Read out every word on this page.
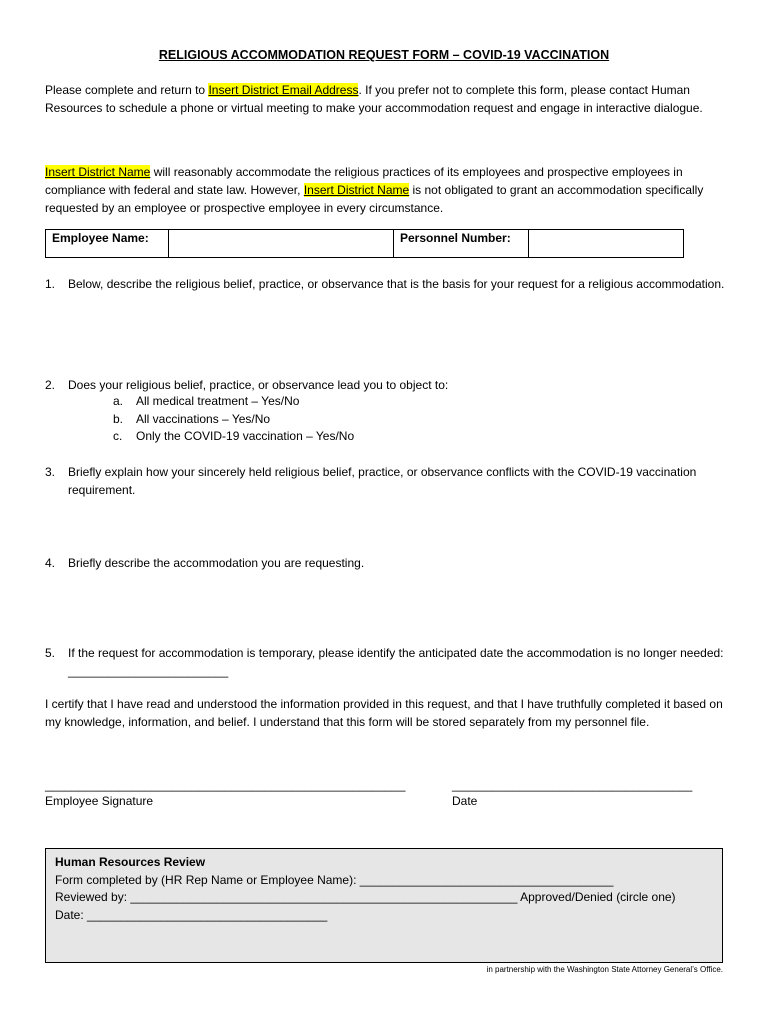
RELIGIOUS ACCOMMODATION REQUEST FORM – COVID-19 VACCINATION
Please complete and return to Insert District Email Address. If you prefer not to complete this form, please contact Human Resources to schedule a phone or virtual meeting to make your accommodation request and engage in interactive dialogue.
Insert District Name will reasonably accommodate the religious practices of its employees and prospective employees in compliance with federal and state law. However, Insert District Name is not obligated to grant an accommodation specifically requested by an employee or prospective employee in every circumstance.
Employee Name:		Personnel Number:	
1. Below, describe the religious belief, practice, or observance that is the basis for your request for a religious accommodation.
2. Does your religious belief, practice, or observance lead you to object to:
a. All medical treatment – Yes/No
b. All vaccinations – Yes/No
c. Only the COVID-19 vaccination – Yes/No
3. Briefly explain how your sincerely held religious belief, practice, or observance conflicts with the COVID-19 vaccination requirement.
4. Briefly describe the accommodation you are requesting.
5. If the request for accommodation is temporary, please identify the anticipated date the accommodation is no longer needed: ________________________
I certify that I have read and understood the information provided in this request, and that I have truthfully completed it based on my knowledge, information, and belief. I understand that this form will be stored separately from my personnel file.
______________________________________________________
Employee Signature
____________________________________
Date
Human Resources Review
Form completed by (HR Rep Name or Employee Name): ______________________________________
Reviewed by: __________________________________________________________ Approved/Denied (circle one)
Date: ____________________________________
in partnership with the Washington State Attorney General’s Office.
